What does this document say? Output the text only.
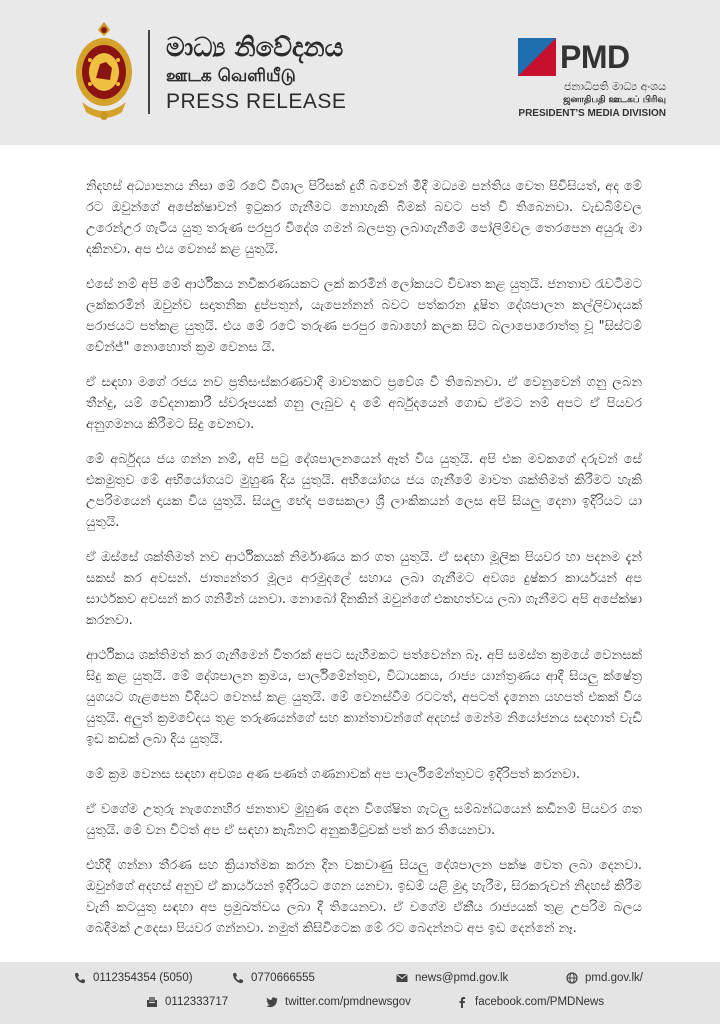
මාධ්‍ය නිවේදනය
ஊடக வெளியீடு
PRESS RELEASE
PMD
ජනාධිපති මාධ්‍ය අංශය
ஜனாதிபதி ஊடகப் பிரிவு
PRESIDENT'S MEDIA DIVISION

නිදහස් අධ්‍යාපනය නිසා මේ රටේ විශාල පිරිසක් දුගී බවෙන් මිදී මධ්‍යම පන්තිය වෙත පිවිසියත්, අද මේ රට ඔවුන්ගේ අපේක්ෂාවන් ඉටුකර ගැනීමට නොහැකි බිමක් බවට පත් වී තිබෙනවා. වැඩබිම්වල උරෙන්උර ගැටිය යුතු තරුණ පරපුර විදේශ ගමන් බලපත්‍ර ලබාගැනීමේ පෝලිම්වල තෙරපෙන අයුරු මා දකිනවා. අප එය වෙනස් කළ යුතුයි.

එසේ නම් අපි මේ ආර්ථිකය නවීකරණයකට ලක් කරමින් ලෝකයට විවෘත කළ යුතුයි. ජනතාව රැවටීමට ලක්කරමින් ඔවුන්ව සදාතනික දුප්පතුන්, යැපෙන්නන් බවට පත්කරන දූෂිත දේශපාලන කල්ලිවාදයක් පරාජයට පත්කළ යුතුයි. එය මේ රටේ තරුණ පරපුර බොහෝ කලක සිට බලාපොරොත්තු වූ "සිස්ටම් චේන්ජ්" නොහොත් ක්‍රම වෙනස යි.

ඒ සඳහා මගේ රජය නව ප්‍රතිසංස්කරණවාදී මාවතකට ප්‍රවේශ වී තිබෙනවා. ඒ වෙනුවෙන් ගනු ලබන තීන්දු, යම් වේදනාකාරී ස්වරූපයක් ගනු ලැබුව ද මේ අර්බුදයෙන් ගොඩ ඒමට නම් අපට ඒ පියවර අනුගමනය කිරීමට සිදු වෙනවා.

මේ අර්බුදය ජය ගන්න නම්, අපි පටු දේශපාලනයෙන් ඈත් විය යුතුයි. අපි එක මවකගේ දරුවන් සේ එකමුතුව මේ අභියෝගයට මුහුණ දිය යුතුයි. අභියෝගය ජය ගැනීමේ මාවත ශක්තිමත් කිරීමට හැකි උපරිමයෙන් දායක විය යුතුයි. සියලු භේද පසෙකලා ශ්‍රී ලාංකිකයන් ලෙස අපි සියලු දෙනා ඉදිරියට යා යුතුයි.

ඒ ඔස්සේ ශක්තිමත් නව ආර්ථිකයක් නිර්මාණය කර ගත යුතුයි. ඒ සඳහා මූලික පියවර හා පදනම දැන් සකස් කර අවසන්. ජාත්‍යන්තර මූල්‍ය අරමුදලේ සහාය ලබා ගැනීමට අවශ්‍ය දුෂ්කර කාර්යයන් අප සාර්ථකව අවසන් කර ගනිමින් යනවා. නොබෝ දිනකින් ඔවුන්ගේ එකඟත්වය ලබා ගැනීමට අපි අපේක්ෂා කරනවා.

ආර්ථිකය ශක්තිමත් කර ගැනීමෙන් විතරක් අපට සැහීමකට පත්වෙන්න බෑ. අපි සමස්ත ක්‍රමයේ වෙනසක් සිදු කළ යුතුයි. මේ දේශපාලන ක්‍රමය, පාර්ලිමේන්තුව, විධායකය, රාජ්‍ය යාන්ත්‍රණය ආදී සියලු ක්ෂේත්‍ර යුගයට ගැළපෙන විදියට වෙනස් කළ යුතුයි. මේ වෙනස්වීම රටටත්, අපටත් දැනෙන යහපත් එකක් විය යුතුයි. අලුත් ක්‍රමවේදය තුළ තරුණයන්ගේ සහ කාන්තාවන්ගේ අදහස් මෙන්ම නියෝජනය සඳහාත් වැඩි ඉඩ කඩක් ලබා දිය යුතුයි.

මේ ක්‍රම වෙනස සඳහා අවශ්‍ය අණ පණත් ගණනාවක් අප පාර්ලිමේන්තුවට ඉදිරිපත් කරනවා.

ඒ වගේම උතුරු නැගෙනහිර ජනතාව මුහුණ දෙන විශේෂිත ගැටලු සම්බන්ධයෙන් කඩිනම් පියවර ගත යුතුයි. මේ වන විටත් අප ඒ සඳහා කැබිනට් අනුකමිටුවක් පත් කර තියෙනවා.

එහිදී ගන්නා තීරණ සහ ක්‍රියාත්මක කරන දින වකවාණු සියලු දේශපාලන පක්ෂ වෙත ලබා දෙනවා. ඔවුන්ගේ අදහස් අනුව ඒ කාර්යයන් ඉදිරියට ගෙන යනවා. ඉඩම් යළි මුදා හැරීම, සිරකරුවන් නිදහස් කිරීම වැනි කටයුතු සඳහා අප ප්‍රමුඛත්වය ලබා දී තියෙනවා. ඒ වගේම ඒකීය රාජ්‍යයක් තුළ උපරිම බලය බෙදීමක් උදෙසා පියවර ගන්නවා. නමුත් කිසිවිටෙක මේ රට බෙදන්නට අප ඉඩ දෙන්නේ නෑ.

0112354354 (5050)	0770666555	news@pmd.gov.lk	pmd.gov.lk/
0112333717	twitter.com/pmdnewsgov	facebook.com/PMDNews
